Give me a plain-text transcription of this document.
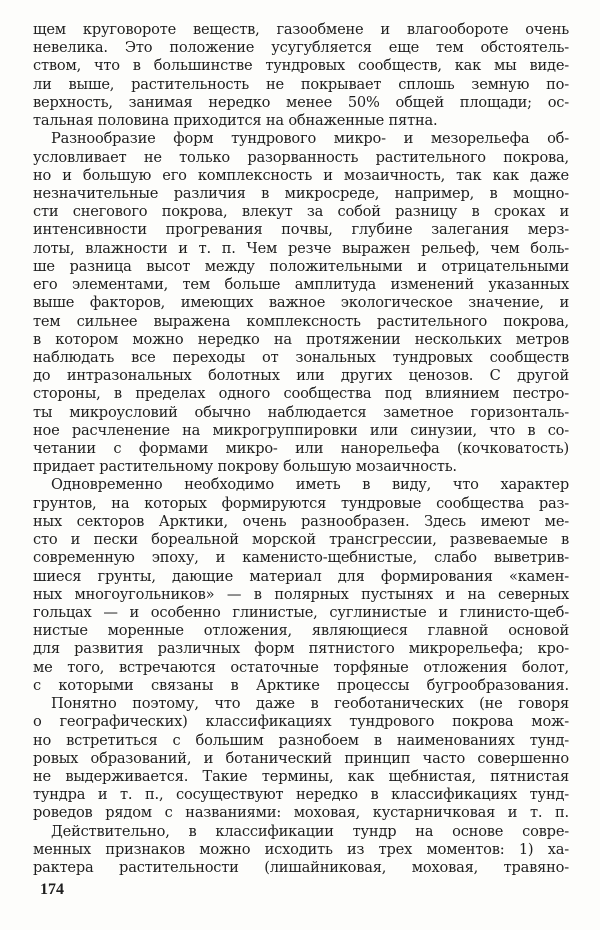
щем круговороте веществ, газообмене и влагообороте очень
невелика. Это положение усугубляется еще тем обстоятель-
ством, что в большинстве тундровых сообществ, как мы виде-
ли выше, растительность не покрывает сплошь земную по-
верхность, занимая нередко менее 50% общей площади; ос-
тальная половина приходится на обнаженные пятна.
Разнообразие форм тундрового микро- и мезорельефа об-
условливает не только разорванность растительного покрова,
но и большую его комплексность и мозаичность, так как даже
незначительные различия в микросреде, например, в мощно-
сти снегового покрова, влекут за собой разницу в сроках и
интенсивности прогревания почвы, глубине залегания мерз-
лоты, влажности и т. п. Чем резче выражен рельеф, чем боль-
ше разница высот между положительными и отрицательными
его элементами, тем больше амплитуда изменений указанных
выше факторов, имеющих важное экологическое значение, и
тем сильнее выражена комплексность растительного покрова,
в котором можно нередко на протяжении нескольких метров
наблюдать все переходы от зональных тундровых сообществ
до интразональных болотных или других ценозов. С другой
стороны, в пределах одного сообщества под влиянием пестро-
ты микроусловий обычно наблюдается заметное горизонталь-
ное расчленение на микрогруппировки или синузии, что в со-
четании с формами микро- или нанорельефа (кочковатость)
придает растительному покрову большую мозаичность.
Одновременно необходимо иметь в виду, что характер
грунтов, на которых формируются тундровые сообщества раз-
ных секторов Арктики, очень разнообразен. Здесь имеют ме-
сто и пески бореальной морской трансгрессии, развеваемые в
современную эпоху, и каменисто-щебнистые, слабо выветрив-
шиеся грунты, дающие материал для формирования «камен-
ных многоугольников» — в полярных пустынях и на северных
гольцах — и особенно глинистые, суглинистые и глинисто-щеб-
нистые моренные отложения, являющиеся главной основой
для развития различных форм пятнистого микрорельефа; кро-
ме того, встречаются остаточные торфяные отложения болот,
с которыми связаны в Арктике процессы бугрообразования.
Понятно поэтому, что даже в геоботанических (не говоря
о географических) классификациях тундрового покрова мож-
но встретиться с большим разнобоем в наименованиях тунд-
ровых образований, и ботанический принцип часто совершенно
не выдерживается. Такие термины, как щебнистая, пятнистая
тундра и т. п., сосуществуют нередко в классификациях тунд-
роведов рядом с названиями: моховая, кустарничковая и т. п.
Действительно, в классификации тундр на основе совре-
менных признаков можно исходить из трех моментов: 1) ха-
рактера растительности (лишайниковая, моховая, травяно-
174
